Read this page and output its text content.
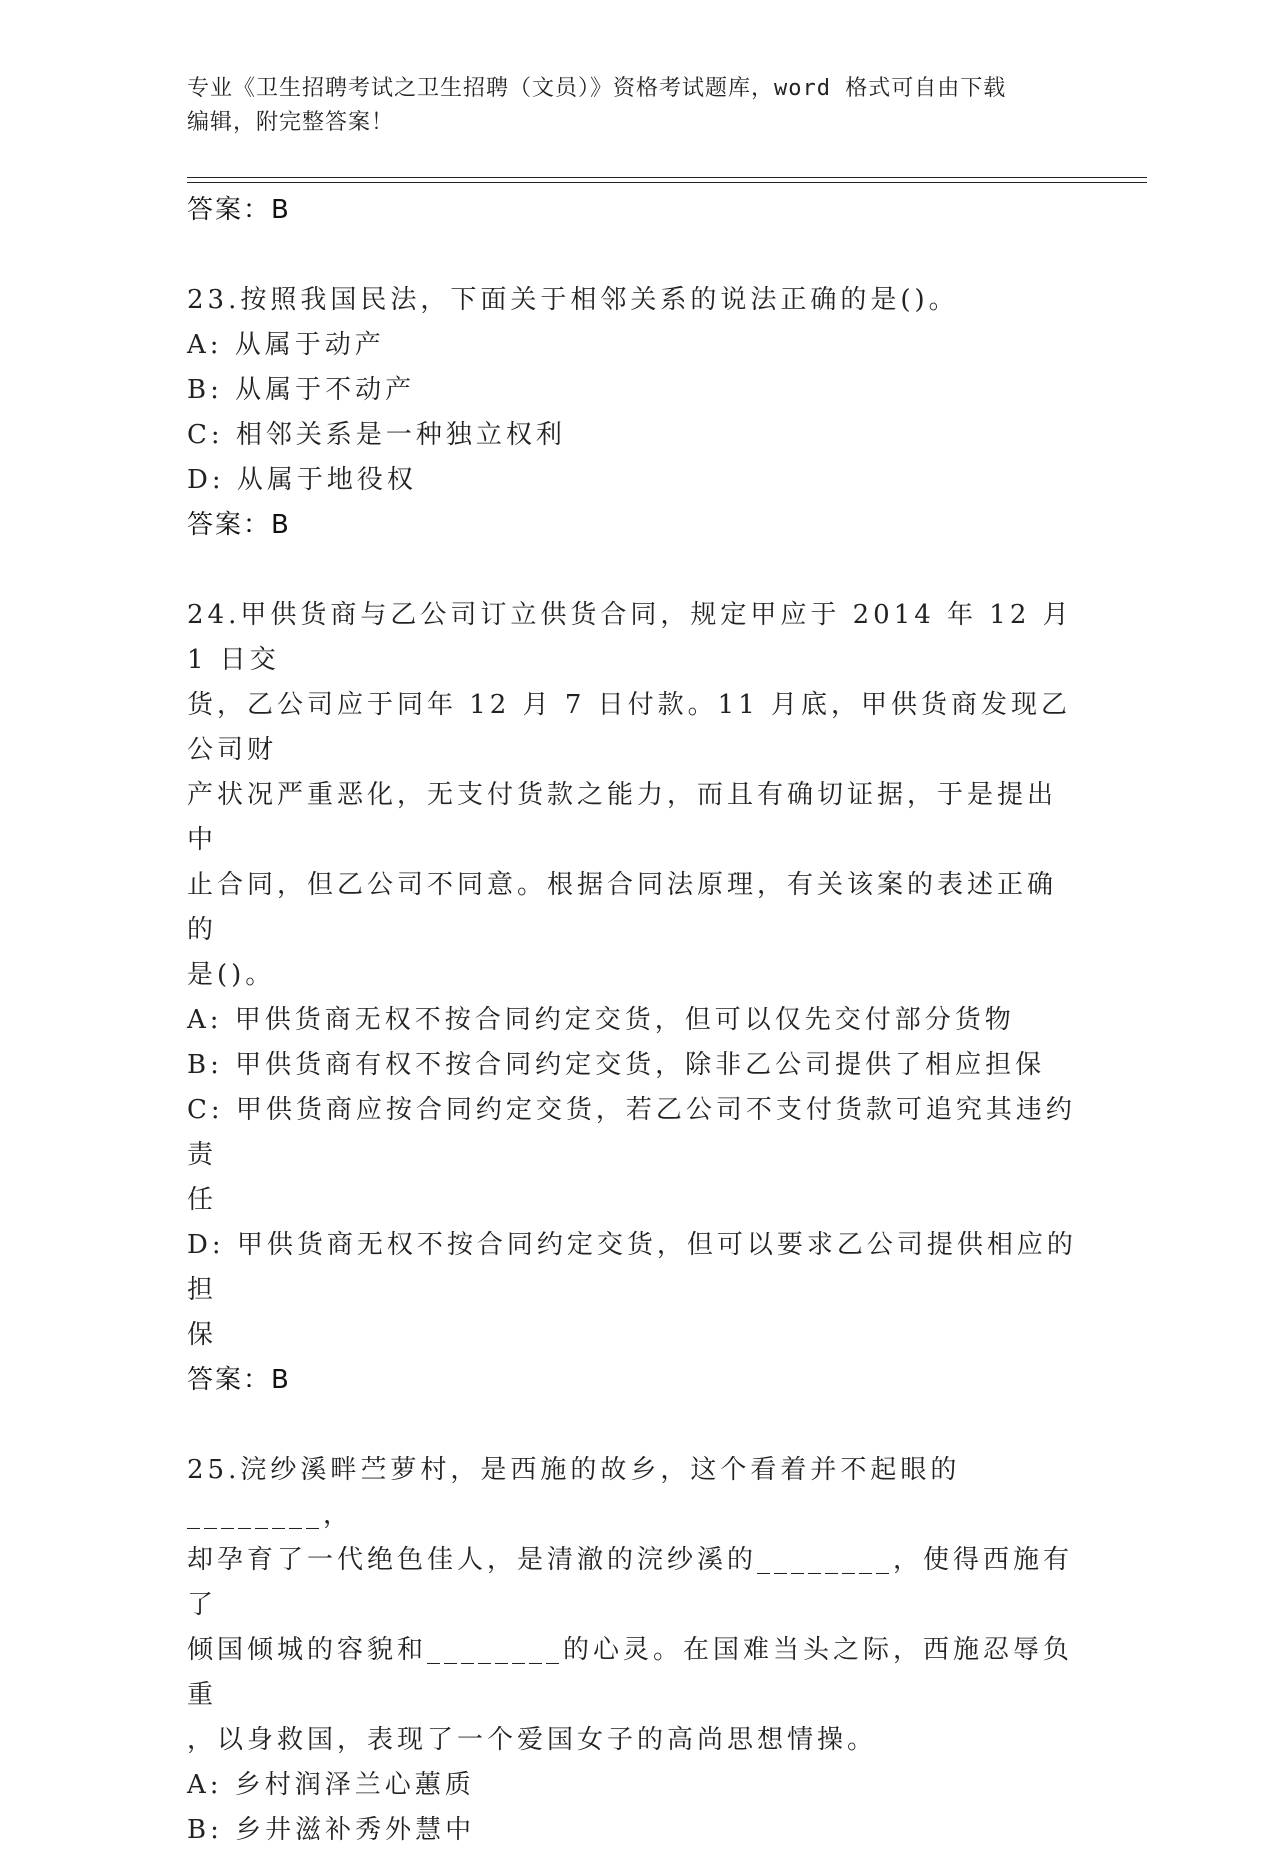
专业《卫生招聘考试之卫生招聘（文员）》资格考试题库，word 格式可自由下载
编辑，附完整答案！
答案：B
23.按照我国民法，下面关于相邻关系的说法正确的是()。
A: 从属于动产
B: 从属于不动产
C: 相邻关系是一种独立权利
D: 从属于地役权
答案：B
24.甲供货商与乙公司订立供货合同，规定甲应于 2014 年 12 月 1 日交
货，乙公司应于同年 12 月 7 日付款。11 月底，甲供货商发现乙公司财
产状况严重恶化，无支付货款之能力，而且有确切证据，于是提出中
止合同，但乙公司不同意。根据合同法原理，有关该案的表述正确的
是()。
A: 甲供货商无权不按合同约定交货，但可以仅先交付部分货物
B: 甲供货商有权不按合同约定交货，除非乙公司提供了相应担保
C: 甲供货商应按合同约定交货，若乙公司不支付货款可追究其违约责
任
D: 甲供货商无权不按合同约定交货，但可以要求乙公司提供相应的担
保
答案：B
25.浣纱溪畔苎萝村，是西施的故乡，这个看着并不起眼的________，
却孕育了一代绝色佳人，是清澈的浣纱溪的________，使得西施有了
倾国倾城的容貌和________的心灵。在国难当头之际，西施忍辱负重
，以身救国，表现了一个爱国女子的高尚思想情操。
A: 乡村润泽兰心蕙质
B: 乡井滋补秀外慧中
